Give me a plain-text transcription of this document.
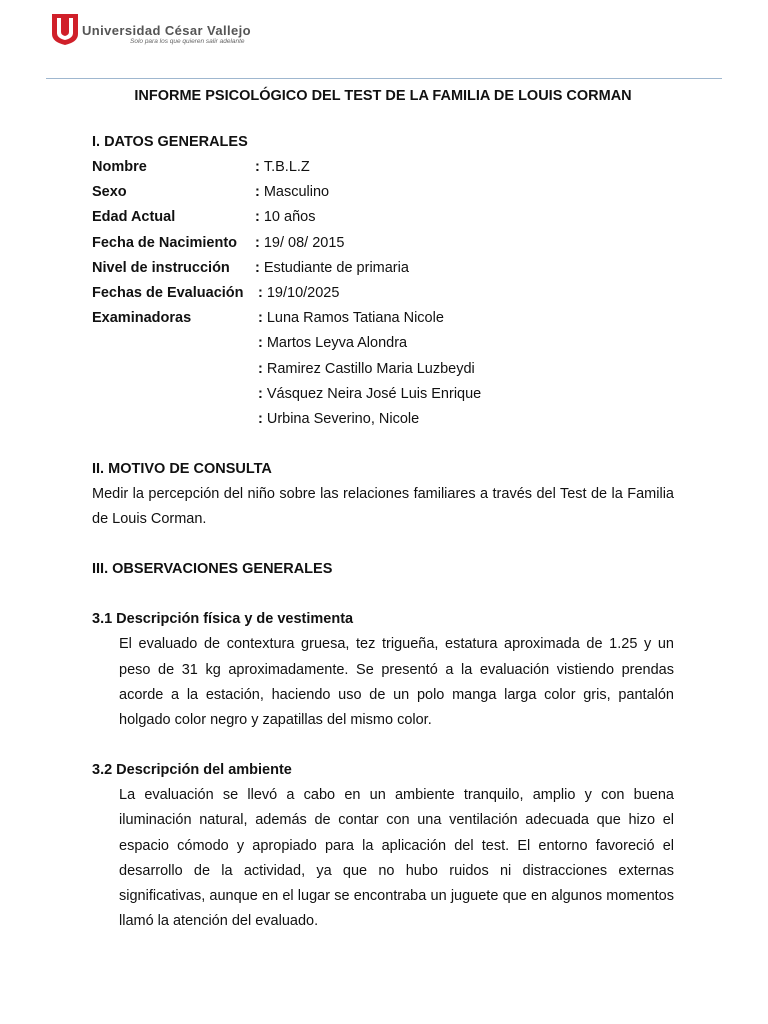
Universidad César Vallejo
Solo para los que quieren salir adelante

INFORME PSICOLÓGICO DEL TEST DE LA FAMILIA DE LOUIS CORMAN

I. DATOS GENERALES

Nombre	: T.B.L.Z
Sexo	: Masculino
Edad Actual	: 10 años
Fecha de Nacimiento	: 19/ 08/ 2015
Nivel de instrucción	: Estudiante de primaria
Fechas de Evaluación : 19/10/2025
Examinadoras	: Luna Ramos Tatiana Nicole
: Martos Leyva Alondra
: Ramirez Castillo Maria Luzbeydi
: Vásquez Neira José Luis Enrique
: Urbina Severino, Nicole

II. MOTIVO DE CONSULTA

Medir la percepción del niño sobre las relaciones familiares a través del Test de la Familia de Louis Corman.

III. OBSERVACIONES GENERALES

3.1 Descripción física y de vestimenta

El evaluado de contextura gruesa, tez trigueña, estatura aproximada de 1.25 y un peso de 31 kg aproximadamente. Se presentó a la evaluación vistiendo prendas acorde a la estación, haciendo uso de un polo manga larga color gris, pantalón holgado color negro y zapatillas del mismo color.

3.2 Descripción del ambiente

La evaluación se llevó a cabo en un ambiente tranquilo, amplio y con buena iluminación natural, además de contar con una ventilación adecuada que hizo el espacio cómodo y apropiado para la aplicación del test. El entorno favoreció el desarrollo de la actividad, ya que no hubo ruidos ni distracciones externas significativas, aunque en el lugar se encontraba un juguete que en algunos momentos llamó la atención del evaluado.
